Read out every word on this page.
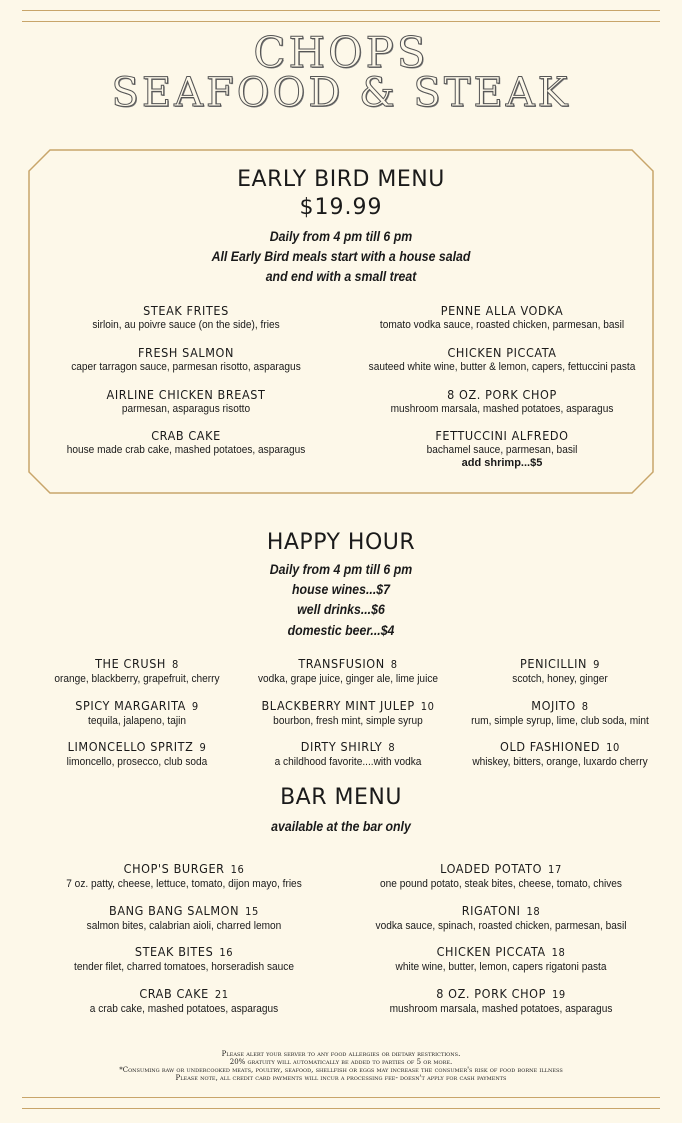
CHOPS
SEAFOOD & STEAK
EARLY BIRD MENU
$19.99
Daily from 4 pm till 6 pm
All Early Bird meals start with a house salad
and end with a small treat
STEAK FRITES
sirloin, au poivre sauce (on the side), fries
FRESH SALMON
caper tarragon sauce, parmesan risotto, asparagus
AIRLINE CHICKEN BREAST
parmesan, asparagus risotto
CRAB CAKE
house made crab cake, mashed potatoes, asparagus
PENNE ALLA VODKA
tomato vodka sauce, roasted chicken, parmesan, basil
CHICKEN PICCATA
sauteed white wine, butter & lemon, capers, fettuccini pasta
8 OZ. PORK CHOP
mushroom marsala, mashed potatoes, asparagus
FETTUCCINI ALFREDO
bachamel sauce, parmesan, basil
add shrimp...$5
HAPPY HOUR
Daily from 4 pm till 6 pm
house wines...$7
well drinks...$6
domestic beer...$4
THE CRUSH 8
orange, blackberry, grapefruit, cherry
SPICY MARGARITA 9
tequila, jalapeno, tajin
LIMONCELLO SPRITZ 9
limoncello, prosecco, club soda
TRANSFUSION 8
vodka, grape juice, ginger ale, lime juice
BLACKBERRY MINT JULEP 10
bourbon, fresh mint, simple syrup
DIRTY SHIRLY 8
a childhood favorite....with vodka
PENICILLIN 9
scotch, honey, ginger
MOJITO 8
rum, simple syrup, lime, club soda, mint
OLD FASHIONED 10
whiskey, bitters, orange, luxardo cherry
BAR MENU
available at the bar only
CHOP'S BURGER 16
7 oz. patty, cheese, lettuce, tomato, dijon mayo, fries
BANG BANG SALMON 15
salmon bites, calabrian aioli, charred lemon
STEAK BITES 16
tender filet, charred tomatoes, horseradish sauce
CRAB CAKE 21
a crab cake, mashed potatoes, asparagus
LOADED POTATO 17
one pound potato, steak bites, cheese, tomato, chives
RIGATONI 18
vodka sauce, spinach, roasted chicken, parmesan, basil
CHICKEN PICCATA 18
white wine, butter, lemon, capers rigatoni pasta
8 OZ. PORK CHOP 19
mushroom marsala, mashed potatoes, asparagus
Please alert your server to any food allergies or dietary restrictions.
20% gratuity will automatically be added to parties of 5 or more.
*Consuming raw or undercooked meats, poultry, seafood, shellfish or eggs may increase the consumer's risk of food borne illness
Please note, all credit card payments will incur a processing fee- doesn't apply for cash payments
